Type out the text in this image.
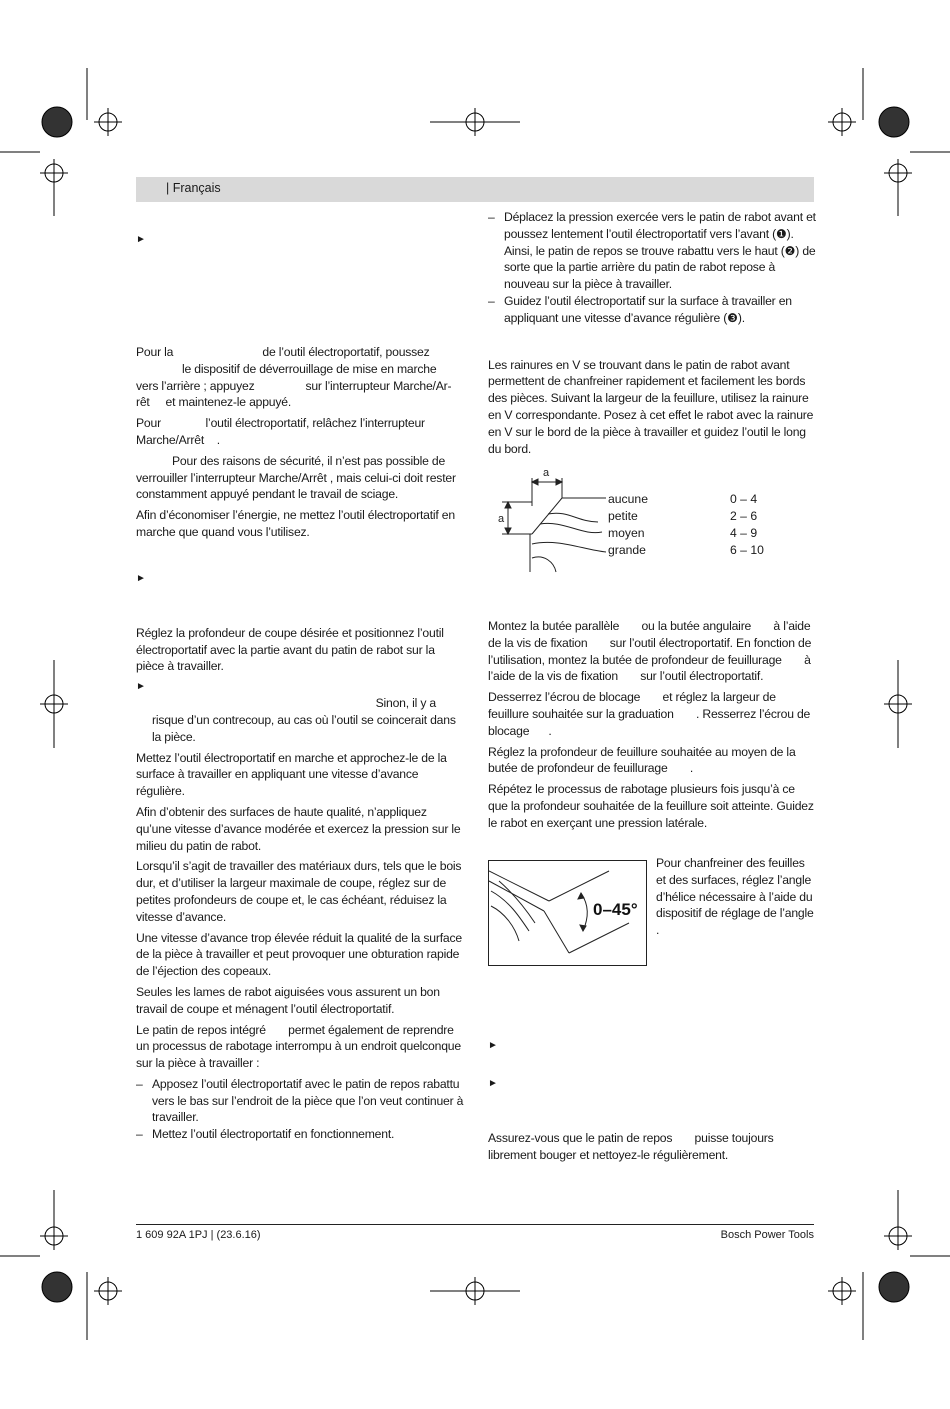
| Français
►

Pour la                            de l’outil électroportatif, poussez
le dispositif de déverrouillage de mise en marche
vers l’arrière ; appuyez                sur l’interrupteur Marche/Ar-
rêt     et maintenez-le appuyé.

Pour              l’outil électroportatif, relâchez l’interrupteur
Marche/Arrêt    .

Pour des raisons de sécurité, il n’est pas possible de verrouiller l’interrupteur Marche/Arrêt , mais celui-ci doit rester constamment appuyé pendant le travail de sciage.

Afin d’économiser l’énergie, ne mettez l’outil électroportatif en marche que quand vous l’utilisez.

►

Réglez la profondeur de coupe désirée et positionnez l’outil électroportatif avec la partie avant du patin de rabot sur la pièce à travailler.

►

Sinon, il y a
risque d’un contrecoup, au cas où l’outil se coincerait dans la pièce.

Mettez l’outil électroportatif en marche et approchez-le de la surface à travailler en appliquant une vitesse d’avance régulière.

Afin d’obtenir des surfaces de haute qualité, n’appliquez qu’une vitesse d’avance modérée et exercez la pression sur le milieu du patin de rabot.

Lorsqu’il s’agit de travailler des matériaux durs, tels que le bois dur, et d’utiliser la largeur maximale de coupe, réglez sur de petites profondeurs de coupe et, le cas échéant, réduisez la vitesse d’avance.

Une vitesse d’avance trop élevée réduit la qualité de la surface de la pièce à travailler et peut provoquer une obturation rapide de l’éjection des copeaux.

Seules les lames de rabot aiguisées vous assurent un bon travail de coupe et ménagent l’outil électroportatif.

Le patin de repos intégré       permet également de reprendre un processus de rabotage interrompu à un endroit quelconque sur la pièce à travailler :

– Apposez l’outil électroportatif avec le patin de repos rabattu vers le bas sur l’endroit de la pièce que l’on veut continuer à travailler.
– Mettez l’outil électroportatif en fonctionnement.
– Déplacez la pression exercée vers le patin de rabot avant et poussez lentement l’outil électroportatif vers l’avant (❶). Ainsi, le patin de repos se trouve rabattu vers le haut (❷) de sorte que la partie arrière du patin de rabot repose à nouveau sur la pièce à travailler.
– Guidez l’outil électroportatif sur la surface à travailler en appliquant une vitesse d’avance régulière (❸).

Les rainures en V se trouvant dans le patin de rabot avant permettent de chanfreiner rapidement et facilement les bords des pièces. Suivant la largeur de la feuillure, utilisez la rainure en V correspondante. Posez à cet effet le rabot avec la rainure en V sur le bord de la pièce à travailler et guidez l’outil le long du bord.

a
a
aucune	0 – 4
petite	2 – 6
moyen	4 – 9
grande	6 – 10

Montez la butée parallèle       ou la butée angulaire       à l’aide de la vis de fixation       sur l’outil électroportatif. En fonction de l’utilisation, montez la butée de profondeur de feuillurage       à l’aide de la vis de fixation       sur l’outil électroportatif.

Desserrez l’écrou de blocage       et réglez la largeur de feuillure souhaitée sur la graduation       . Resserrez l’écrou de blocage      .

Réglez la profondeur de feuillure souhaitée au moyen de la butée de profondeur de feuillurage       .

Répétez le processus de rabotage plusieurs fois jusqu’à ce que la profondeur souhaitée de la feuillure soit atteinte. Guidez le rabot en exerçant une pression latérale.

0–45°
Pour chanfreiner des feuilles et des surfaces, réglez l’angle d’hélice nécessaire à l’aide du dispositif de réglage de l’angle .
►
►

Assurez-vous que le patin de repos       puisse toujours librement bouger et nettoyez-le régulièrement.

1 609 92A 1PJ | (23.6.16)	Bosch Power Tools
